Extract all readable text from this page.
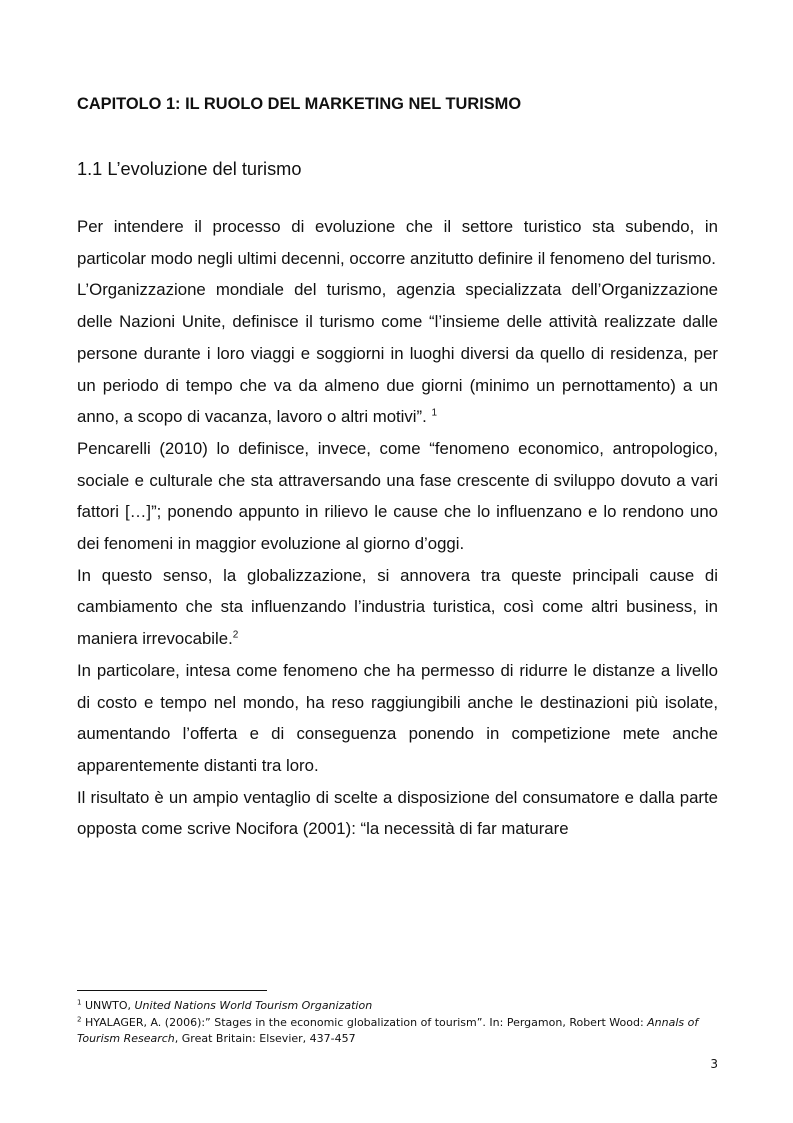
CAPITOLO 1: IL RUOLO DEL MARKETING NEL TURISMO
1.1 L’evoluzione del turismo

Per intendere il processo di evoluzione che il settore turistico sta subendo, in particolar modo negli ultimi decenni, occorre anzitutto definire il fenomeno del turismo.

L’Organizzazione mondiale del turismo, agenzia specializzata dell’Organizzazione delle Nazioni Unite, definisce il turismo come “l’insieme delle attività realizzate dalle persone durante i loro viaggi e soggiorni in luoghi diversi da quello di residenza, per un periodo di tempo che va da almeno due giorni (minimo un pernottamento) a un anno, a scopo di vacanza, lavoro o altri motivi”. $^1$

Pencarelli (2010) lo definisce, invece, come “fenomeno economico, antropologico, sociale e culturale che sta attraversando una fase crescente di sviluppo dovuto a vari fattori […]”; ponendo appunto in rilievo le cause che lo influenzano e lo rendono uno dei fenomeni in maggior evoluzione al giorno d’oggi.

In questo senso, la globalizzazione, si annovera tra queste principali cause di cambiamento che sta influenzando l’industria turistica, così come altri business, in maniera irrevocabile.$^2$

In particolare, intesa come fenomeno che ha permesso di ridurre le distanze a livello di costo e tempo nel mondo, ha reso raggiungibili anche le destinazioni più isolate, aumentando l’offerta e di conseguenza ponendo in competizione mete anche apparentemente distanti tra loro.

Il risultato è un ampio ventaglio di scelte a disposizione del consumatore e dalla parte opposta come scrive Nocifora (2001): “la necessità di far maturare

$^1$ UNWTO, United Nations World Tourism Organization

$^2$ HYALAGER, A. (2006):” Stages in the economic globalization of tourism”. In: Pergamon, Robert Wood: Annals of Tourism Research, Great Britain: Elsevier, 437-457

3
